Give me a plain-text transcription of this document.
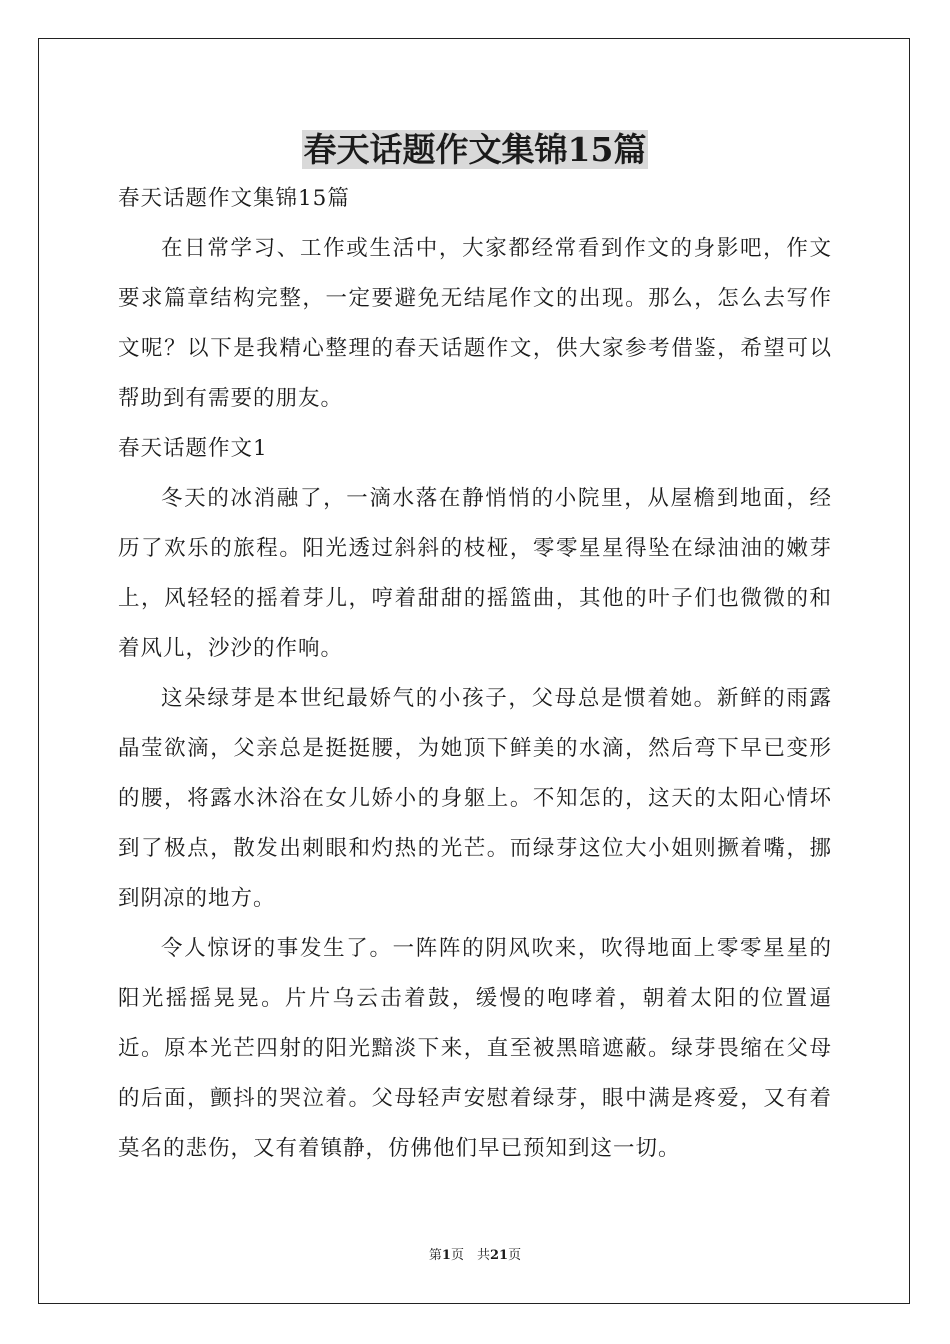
春天话题作文集锦15篇

春天话题作文集锦15篇

在日常学习、工作或生活中，大家都经常看到作文的身影吧，作文要求篇章结构完整，一定要避免无结尾作文的出现。那么，怎么去写作文呢？以下是我精心整理的春天话题作文，供大家参考借鉴，希望可以帮助到有需要的朋友。

春天话题作文1

冬天的冰消融了，一滴水落在静悄悄的小院里，从屋檐到地面，经历了欢乐的旅程。阳光透过斜斜的枝桠，零零星星得坠在绿油油的嫩芽上，风轻轻的摇着芽儿，哼着甜甜的摇篮曲，其他的叶子们也微微的和着风儿，沙沙的作响。

这朵绿芽是本世纪最娇气的小孩子，父母总是惯着她。新鲜的雨露晶莹欲滴，父亲总是挺挺腰，为她顶下鲜美的水滴，然后弯下早已变形的腰，将露水沐浴在女儿娇小的身躯上。不知怎的，这天的太阳心情坏到了极点，散发出刺眼和灼热的光芒。而绿芽这位大小姐则撅着嘴，挪到阴凉的地方。

令人惊讶的事发生了。一阵阵的阴风吹来，吹得地面上零零星星的阳光摇摇晃晃。片片乌云击着鼓，缓慢的咆哮着，朝着太阳的位置逼近。原本光芒四射的阳光黯淡下来，直至被黑暗遮蔽。绿芽畏缩在父母的后面，颤抖的哭泣着。父母轻声安慰着绿芽，眼中满是疼爱，又有着莫名的悲伤，又有着镇静，仿佛他们早已预知到这一切。

第1页　共21页
